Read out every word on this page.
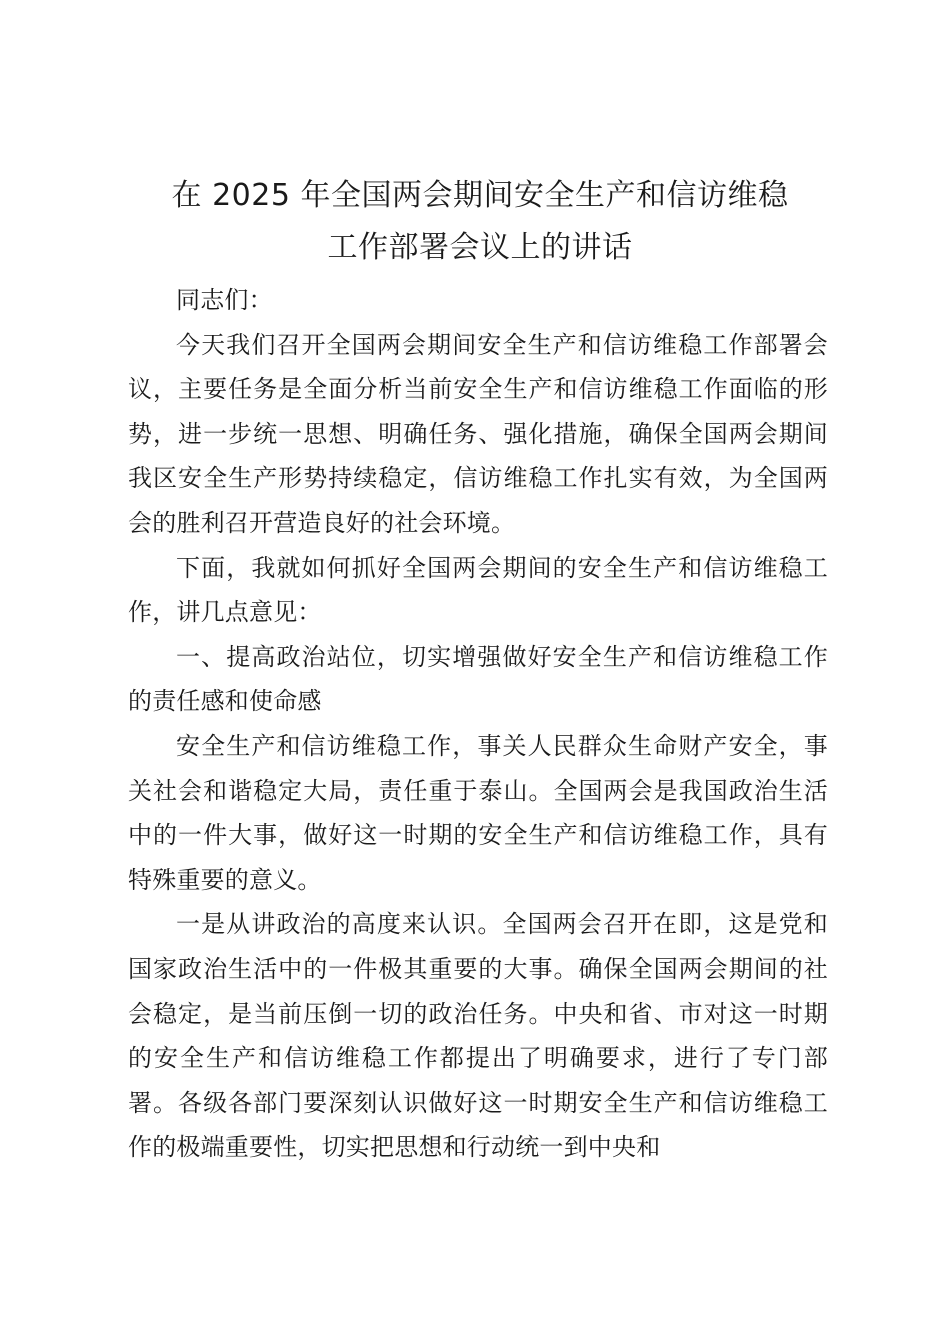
在 2025 年全国两会期间安全生产和信访维稳
工作部署会议上的讲话

同志们：

今天我们召开全国两会期间安全生产和信访维稳工作部署会议，主要任务是全面分析当前安全生产和信访维稳工作面临的形势，进一步统一思想、明确任务、强化措施，确保全国两会期间我区安全生产形势持续稳定，信访维稳工作扎实有效，为全国两会的胜利召开营造良好的社会环境。

下面，我就如何抓好全国两会期间的安全生产和信访维稳工作，讲几点意见：

一、提高政治站位，切实增强做好安全生产和信访维稳工作的责任感和使命感

安全生产和信访维稳工作，事关人民群众生命财产安全，事关社会和谐稳定大局，责任重于泰山。全国两会是我国政治生活中的一件大事，做好这一时期的安全生产和信访维稳工作，具有特殊重要的意义。

一是从讲政治的高度来认识。全国两会召开在即，这是党和国家政治生活中的一件极其重要的大事。确保全国两会期间的社会稳定，是当前压倒一切的政治任务。中央和省、市对这一时期的安全生产和信访维稳工作都提出了明确要求，进行了专门部署。各级各部门要深刻认识做好这一时期安全生产和信访维稳工作的极端重要性，切实把思想和行动统一到中央和
